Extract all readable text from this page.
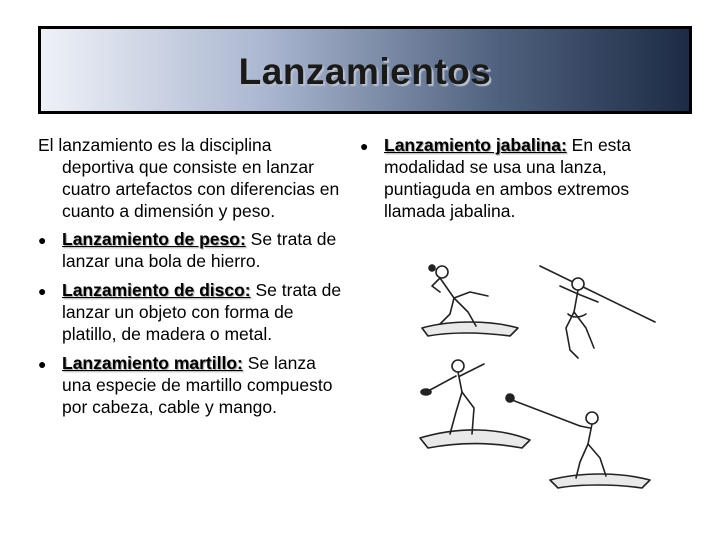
Lanzamientos

El lanzamiento es la disciplina deportiva que consiste en lanzar cuatro artefactos con diferencias en cuanto a dimensión y peso.

● Lanzamiento de peso: Se trata de lanzar una bola de hierro.
● Lanzamiento de disco: Se trata de lanzar un objeto con forma de platillo, de madera o metal.
● Lanzamiento martillo: Se lanza una especie de martillo compuesto por cabeza, cable y mango.
● Lanzamiento jabalina: En esta modalidad se usa una lanza, puntiaguda en ambos extremos llamada jabalina.
